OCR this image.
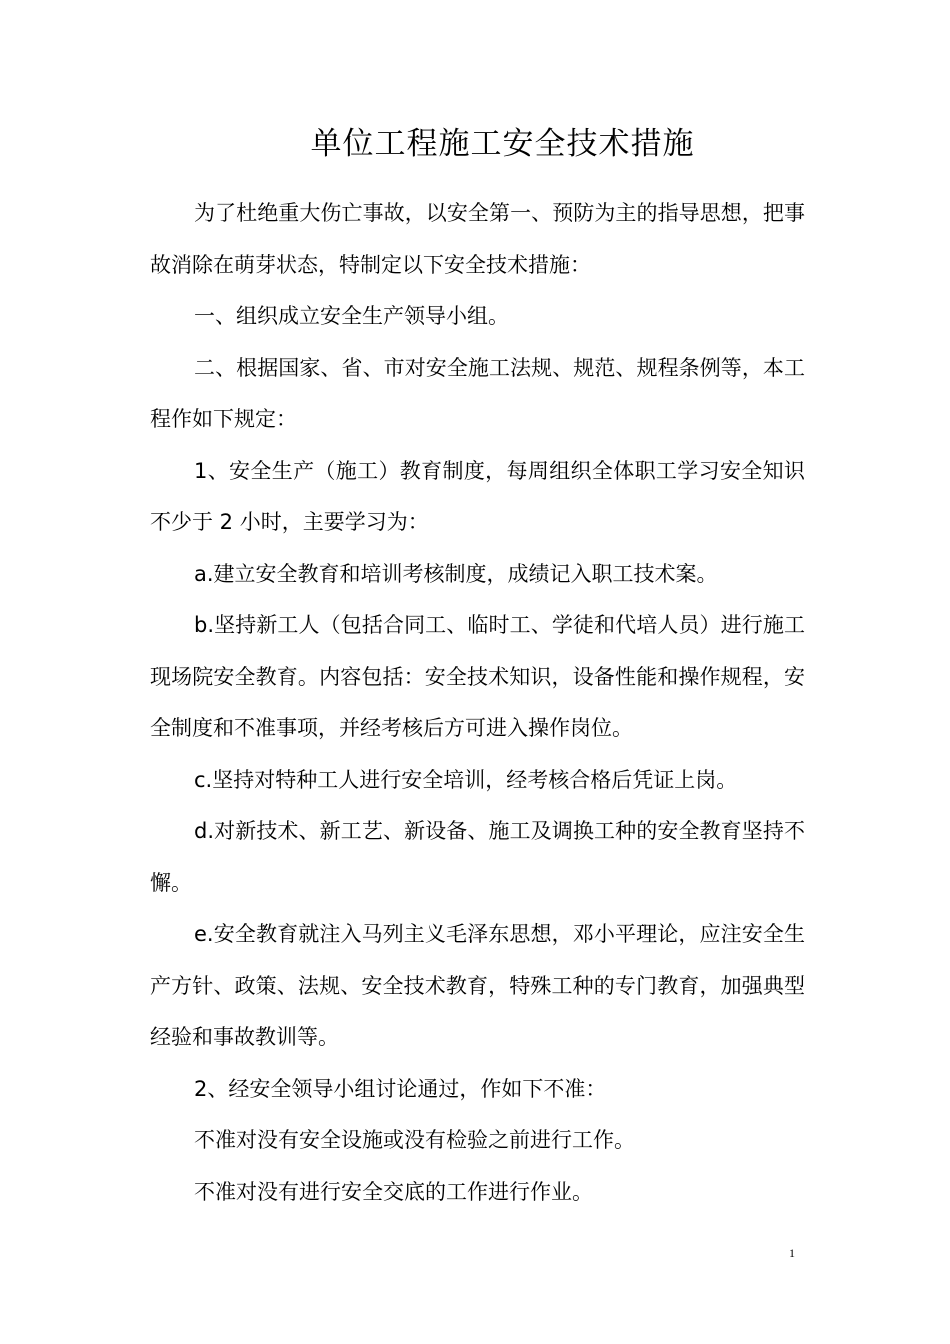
单位工程施工安全技术措施

为了杜绝重大伤亡事故，以安全第一、预防为主的指导思想，把事故消除在萌芽状态，特制定以下安全技术措施：

一、组织成立安全生产领导小组。

二、根据国家、省、市对安全施工法规、规范、规程条例等，本工程作如下规定：

1、安全生产（施工）教育制度，每周组织全体职工学习安全知识不少于 2 小时，主要学习为：

a.建立安全教育和培训考核制度，成绩记入职工技术案。

b.坚持新工人（包括合同工、临时工、学徒和代培人员）进行施工现场院安全教育。内容包括：安全技术知识，设备性能和操作规程，安全制度和不准事项，并经考核后方可进入操作岗位。

c.坚持对特种工人进行安全培训，经考核合格后凭证上岗。

d.对新技术、新工艺、新设备、施工及调换工种的安全教育坚持不懈。

e.安全教育就注入马列主义毛泽东思想，邓小平理论，应注安全生产方针、政策、法规、安全技术教育，特殊工种的专门教育，加强典型经验和事故教训等。

2、经安全领导小组讨论通过，作如下不准：

不准对没有安全设施或没有检验之前进行工作。

不准对没有进行安全交底的工作进行作业。

1
